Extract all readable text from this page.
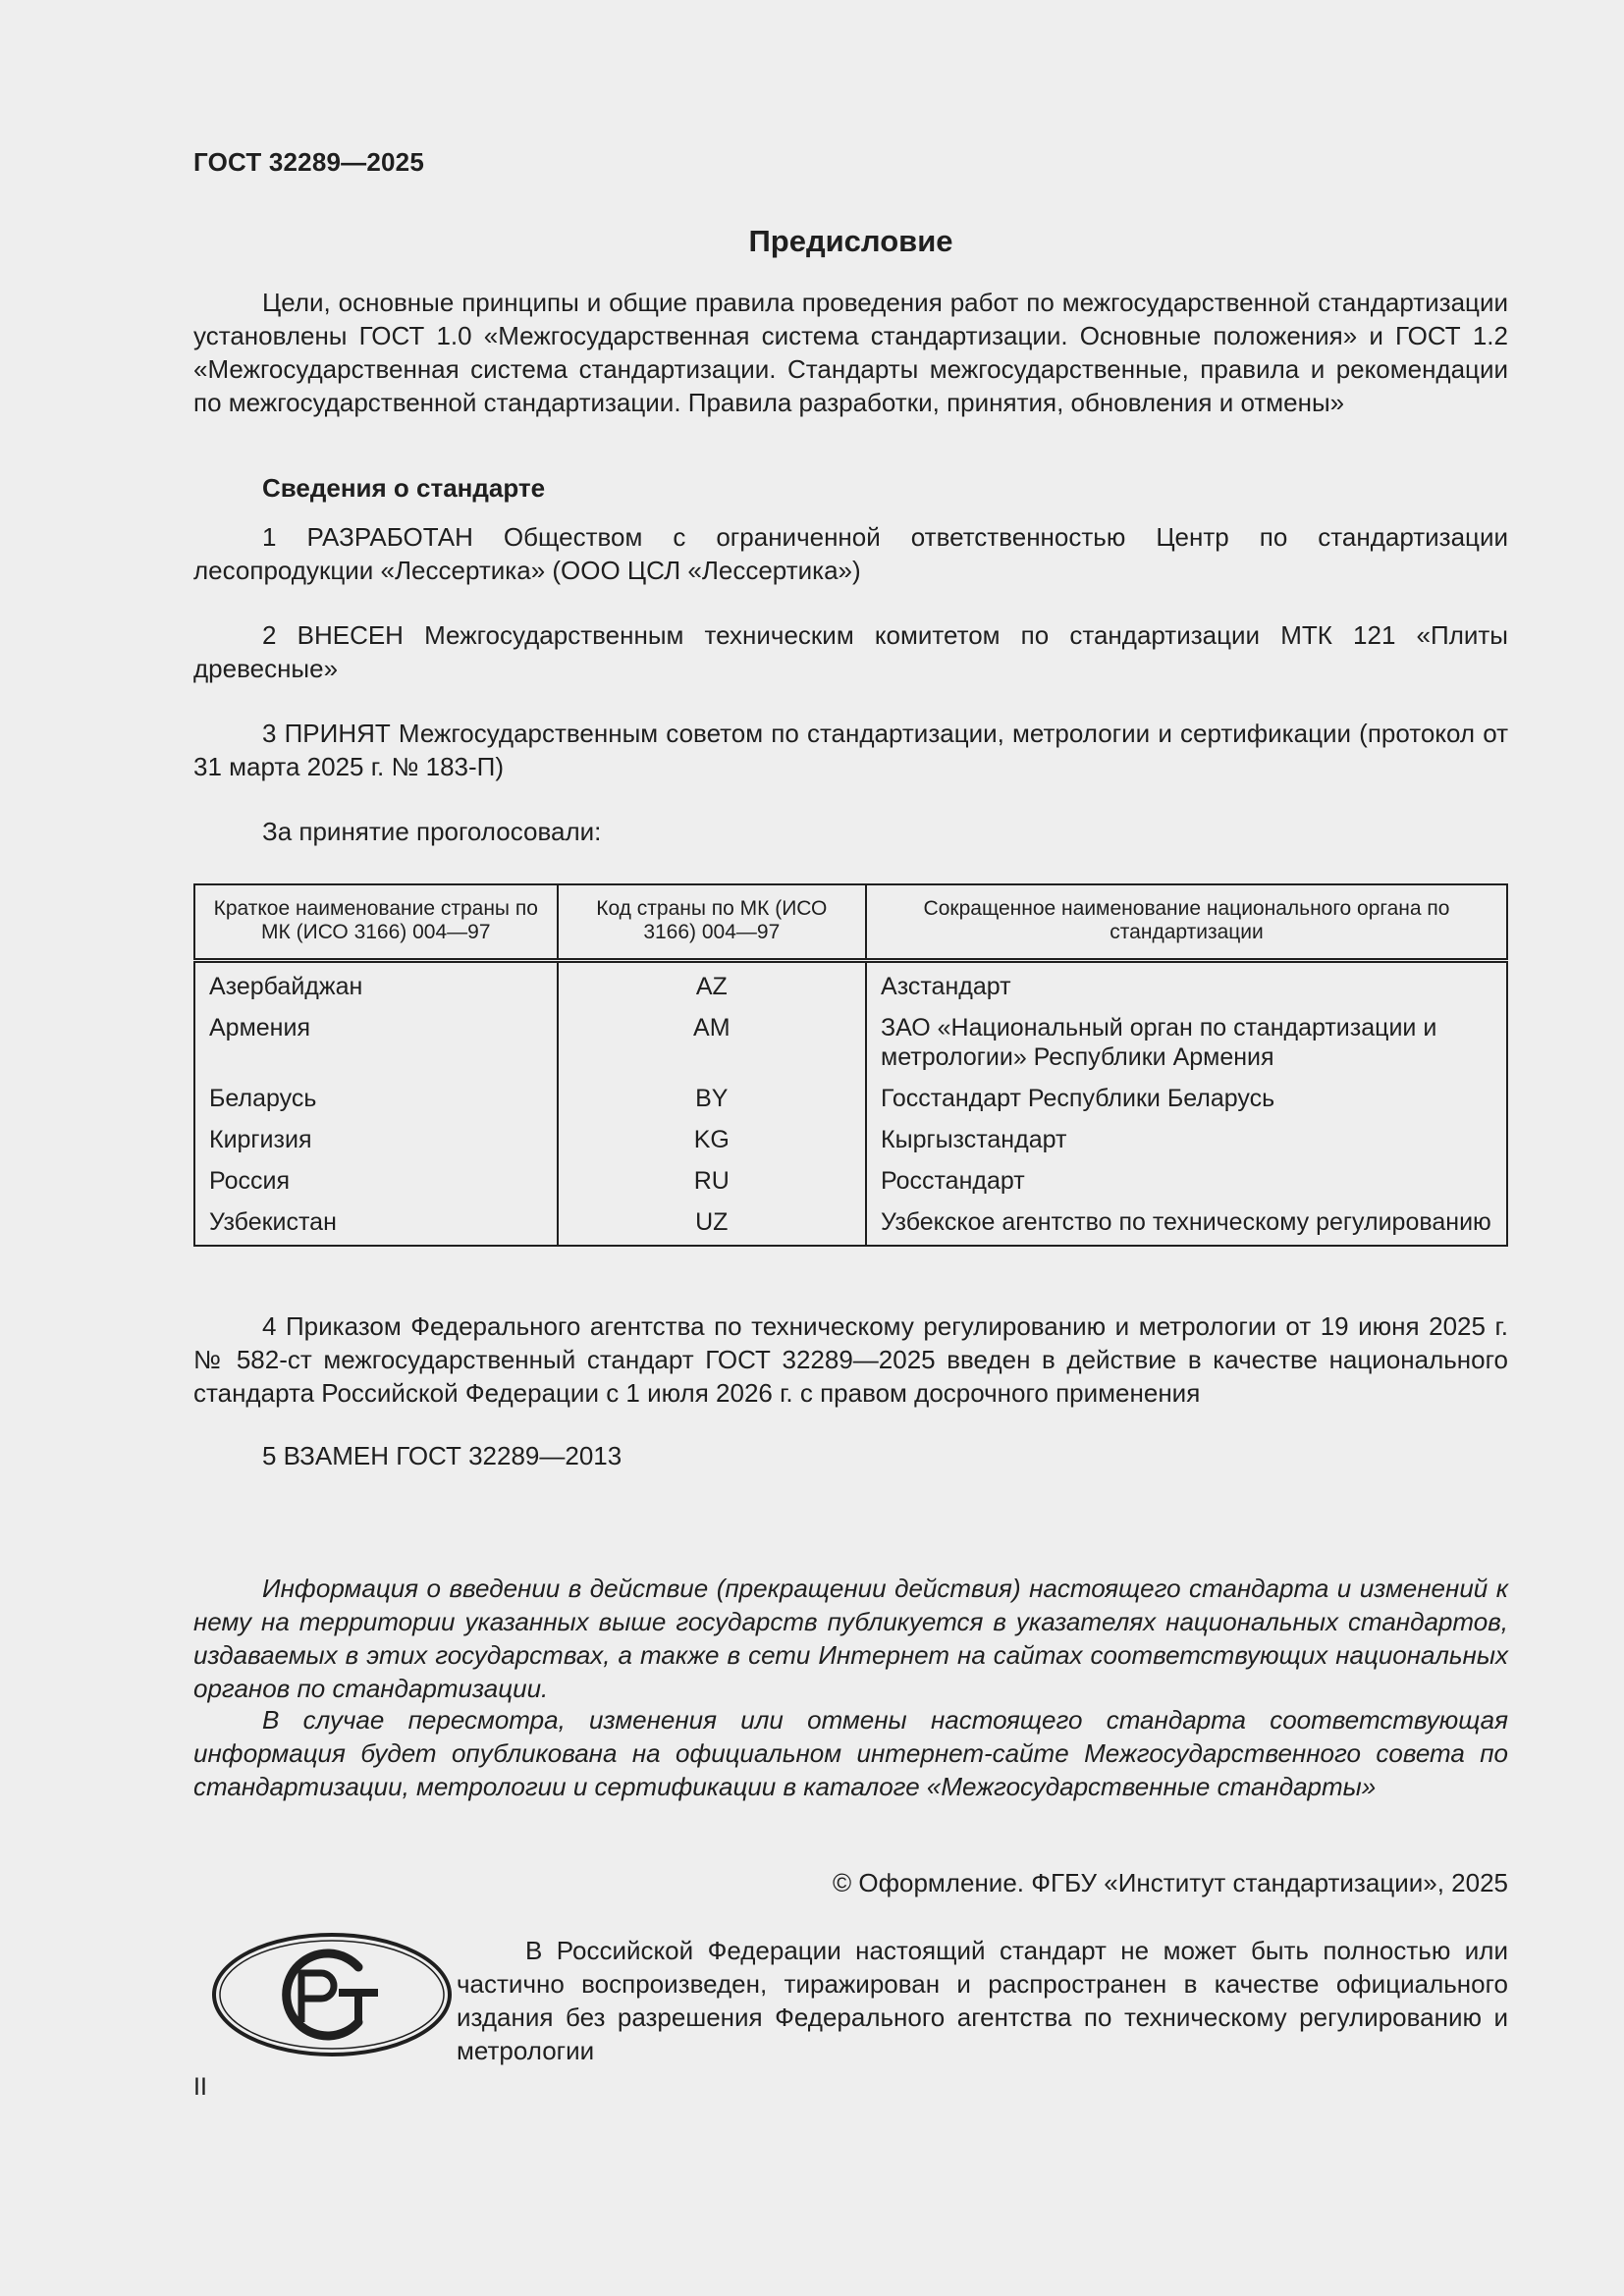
ГОСТ 32289—2025
Предисловие
Цели, основные принципы и общие правила проведения работ по межгосударственной стандартизации установлены ГОСТ 1.0 «Межгосударственная система стандартизации. Основные положения» и ГОСТ 1.2 «Межгосударственная система стандартизации. Стандарты межгосударственные, правила и рекомендации по межгосударственной стандартизации. Правила разработки, принятия, обновления и отмены»
Сведения о стандарте
1 РАЗРАБОТАН Обществом с ограниченной ответственностью Центр по стандартизации лесопродукции «Лессертика» (ООО ЦСЛ «Лессертика»)
2 ВНЕСЕН Межгосударственным техническим комитетом по стандартизации МТК 121 «Плиты древесные»
3 ПРИНЯТ Межгосударственным советом по стандартизации, метрологии и сертификации (протокол от 31 марта 2025 г. № 183-П)
За принятие проголосовали:
Краткое наименование страны по МК (ИСО 3166) 004—97	Код страны по МК (ИСО 3166) 004—97	Сокращенное наименование национального органа по стандартизации
Азербайджан	AZ	Азстандарт
Армения	AM	ЗАО «Национальный орган по стандартизации и метрологии» Республики Армения
Беларусь	BY	Госстандарт Республики Беларусь
Киргизия	KG	Кыргызстандарт
Россия	RU	Росстандарт
Узбекистан	UZ	Узбекское агентство по техническому регулированию
4 Приказом Федерального агентства по техническому регулированию и метрологии от 19 июня 2025 г. № 582-ст межгосударственный стандарт ГОСТ 32289—2025 введен в действие в качестве национального стандарта Российской Федерации с 1 июля 2026 г. с правом досрочного применения
5 ВЗАМЕН ГОСТ 32289—2013
Информация о введении в действие (прекращении действия) настоящего стандарта и изменений к нему на территории указанных выше государств публикуется в указателях национальных стандартов, издаваемых в этих государствах, а также в сети Интернет на сайтах соответствующих национальных органов по стандартизации.
В случае пересмотра, изменения или отмены настоящего стандарта соответствующая информация будет опубликована на официальном интернет-сайте Межгосударственного совета по стандартизации, метрологии и сертификации в каталоге «Межгосударственные стандарты»
© Оформление. ФГБУ «Институт стандартизации», 2025
В Российской Федерации настоящий стандарт не может быть полностью или частично воспроизведен, тиражирован и распространен в качестве официального издания без разрешения Федерального агентства по техническому регулированию и метрологии
II
